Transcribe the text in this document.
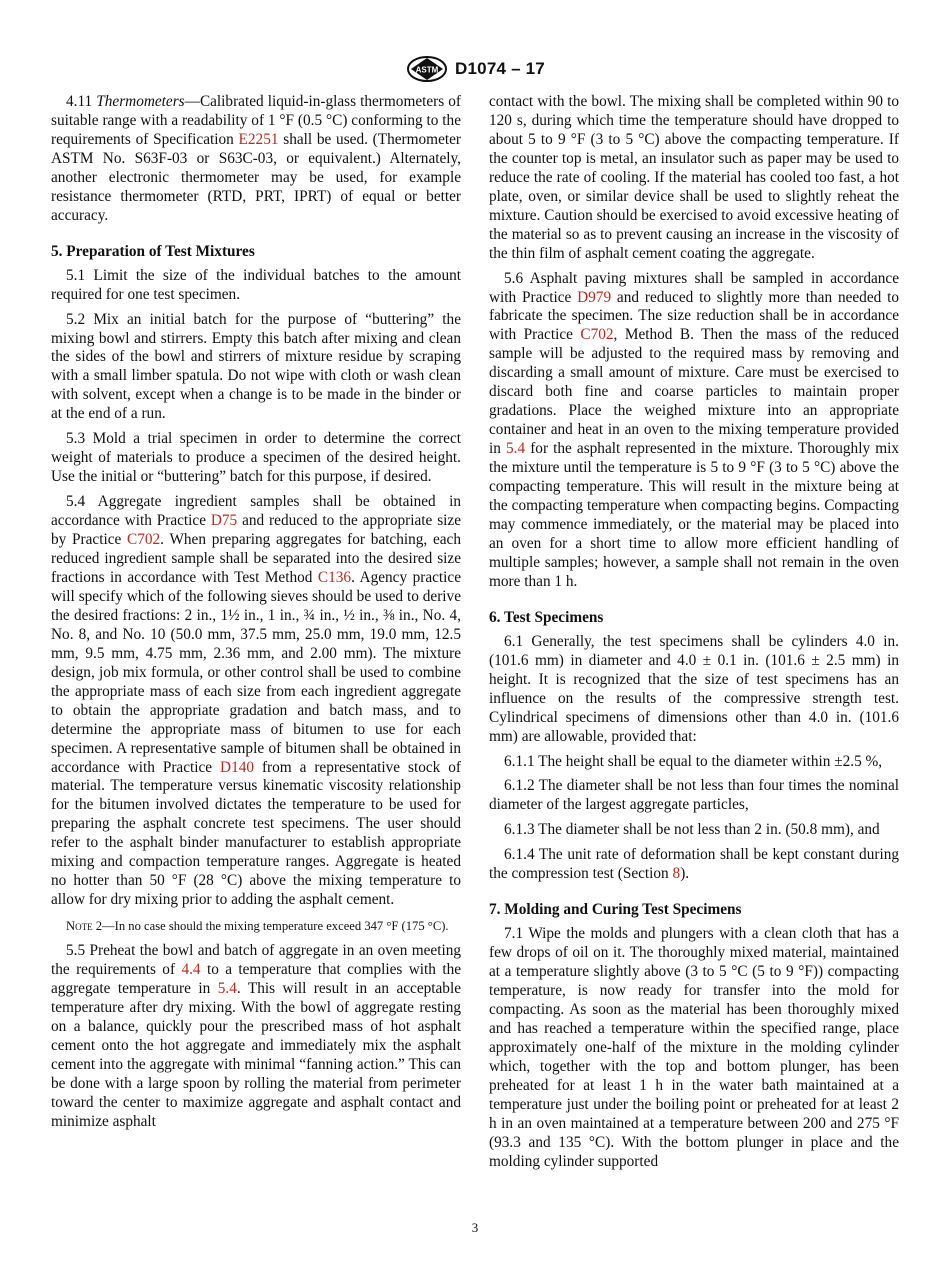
ASTM D1074 – 17

4.11 Thermometers—Calibrated liquid-in-glass thermometers of suitable range with a readability of 1 °F (0.5 °C) conforming to the requirements of Specification E2251 shall be used. (Thermometer ASTM No. S63F-03 or S63C-03, or equivalent.) Alternately, another electronic thermometer may be used, for example resistance thermometer (RTD, PRT, IPRT) of equal or better accuracy.

5. Preparation of Test Mixtures

5.1 Limit the size of the individual batches to the amount required for one test specimen.

5.2 Mix an initial batch for the purpose of “buttering” the mixing bowl and stirrers. Empty this batch after mixing and clean the sides of the bowl and stirrers of mixture residue by scraping with a small limber spatula. Do not wipe with cloth or wash clean with solvent, except when a change is to be made in the binder or at the end of a run.

5.3 Mold a trial specimen in order to determine the correct weight of materials to produce a specimen of the desired height. Use the initial or “buttering” batch for this purpose, if desired.

5.4 Aggregate ingredient samples shall be obtained in accordance with Practice D75 and reduced to the appropriate size by Practice C702. When preparing aggregates for batching, each reduced ingredient sample shall be separated into the desired size fractions in accordance with Test Method C136. Agency practice will specify which of the following sieves should be used to derive the desired fractions: 2 in., 1½ in., 1 in., ¾ in., ½ in., ⅜ in., No. 4, No. 8, and No. 10 (50.0 mm, 37.5 mm, 25.0 mm, 19.0 mm, 12.5 mm, 9.5 mm, 4.75 mm, 2.36 mm, and 2.00 mm). The mixture design, job mix formula, or other control shall be used to combine the appropriate mass of each size from each ingredient aggregate to obtain the appropriate gradation and batch mass, and to determine the appropriate mass of bitumen to use for each specimen. A representative sample of bitumen shall be obtained in accordance with Practice D140 from a representative stock of material. The temperature versus kinematic viscosity relationship for the bitumen involved dictates the temperature to be used for preparing the asphalt concrete test specimens. The user should refer to the asphalt binder manufacturer to establish appropriate mixing and compaction temperature ranges. Aggregate is heated no hotter than 50 °F (28 °C) above the mixing temperature to allow for dry mixing prior to adding the asphalt cement.

Note 2—In no case should the mixing temperature exceed 347 °F (175 °C).

5.5 Preheat the bowl and batch of aggregate in an oven meeting the requirements of 4.4 to a temperature that complies with the aggregate temperature in 5.4. This will result in an acceptable temperature after dry mixing. With the bowl of aggregate resting on a balance, quickly pour the prescribed mass of hot asphalt cement onto the hot aggregate and immediately mix the asphalt cement into the aggregate with minimal “fanning action.” This can be done with a large spoon by rolling the material from perimeter toward the center to maximize aggregate and asphalt contact and minimize asphalt

contact with the bowl. The mixing shall be completed within 90 to 120 s, during which time the temperature should have dropped to about 5 to 9 °F (3 to 5 °C) above the compacting temperature. If the counter top is metal, an insulator such as paper may be used to reduce the rate of cooling. If the material has cooled too fast, a hot plate, oven, or similar device shall be used to slightly reheat the mixture. Caution should be exercised to avoid excessive heating of the material so as to prevent causing an increase in the viscosity of the thin film of asphalt cement coating the aggregate.

5.6 Asphalt paving mixtures shall be sampled in accordance with Practice D979 and reduced to slightly more than needed to fabricate the specimen. The size reduction shall be in accordance with Practice C702, Method B. Then the mass of the reduced sample will be adjusted to the required mass by removing and discarding a small amount of mixture. Care must be exercised to discard both fine and coarse particles to maintain proper gradations. Place the weighed mixture into an appropriate container and heat in an oven to the mixing temperature provided in 5.4 for the asphalt represented in the mixture. Thoroughly mix the mixture until the temperature is 5 to 9 °F (3 to 5 °C) above the compacting temperature. This will result in the mixture being at the compacting temperature when compacting begins. Compacting may commence immediately, or the material may be placed into an oven for a short time to allow more efficient handling of multiple samples; however, a sample shall not remain in the oven more than 1 h.

6. Test Specimens

6.1 Generally, the test specimens shall be cylinders 4.0 in. (101.6 mm) in diameter and 4.0 ± 0.1 in. (101.6 ± 2.5 mm) in height. It is recognized that the size of test specimens has an influence on the results of the compressive strength test. Cylindrical specimens of dimensions other than 4.0 in. (101.6 mm) are allowable, provided that:

6.1.1 The height shall be equal to the diameter within ±2.5 %,

6.1.2 The diameter shall be not less than four times the nominal diameter of the largest aggregate particles,

6.1.3 The diameter shall be not less than 2 in. (50.8 mm), and

6.1.4 The unit rate of deformation shall be kept constant during the compression test (Section 8).

7. Molding and Curing Test Specimens

7.1 Wipe the molds and plungers with a clean cloth that has a few drops of oil on it. The thoroughly mixed material, maintained at a temperature slightly above (3 to 5 °C (5 to 9 °F)) compacting temperature, is now ready for transfer into the mold for compacting. As soon as the material has been thoroughly mixed and has reached a temperature within the specified range, place approximately one-half of the mixture in the molding cylinder which, together with the top and bottom plunger, has been preheated for at least 1 h in the water bath maintained at a temperature just under the boiling point or preheated for at least 2 h in an oven maintained at a temperature between 200 and 275 °F (93.3 and 135 °C). With the bottom plunger in place and the molding cylinder supported

3
